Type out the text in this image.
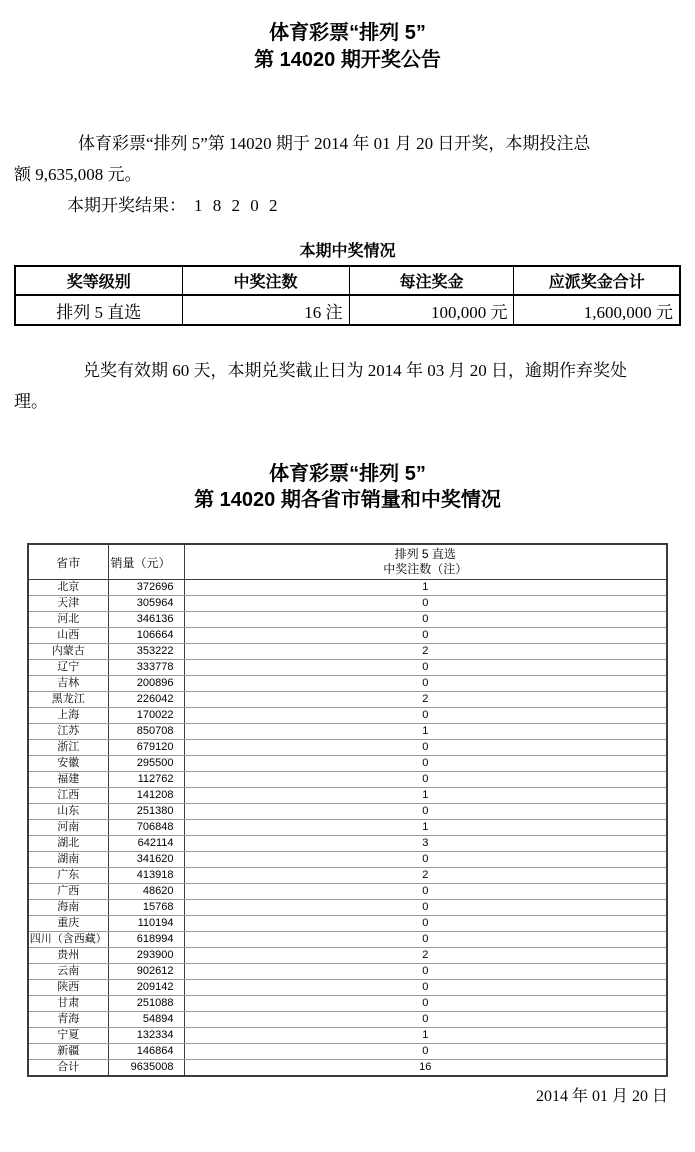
体育彩票“排列 5”
第 14020 期开奖公告
体育彩票“排列 5”第 14020 期于 2014 年 01 月 20 日开奖，本期投注总
额 9,635,008 元。
本期开奖结果： 1 8 2 0 2
本期中奖情况
奖等级别	中奖注数	每注奖金	应派奖金合计
排列 5 直选	16 注	100,000 元	1,600,000 元
兑奖有效期 60 天，本期兑奖截止日为 2014 年 03 月 20 日，逾期作弃奖处
理。
体育彩票“排列 5”
第 14020 期各省市销量和中奖情况
省市	销量（元）	排列 5 直选
中奖注数（注）

北京	372696	1
天津	305964	0
河北	346136	0
山西	106664	0
内蒙古	353222	2
辽宁	333778	0
吉林	200896	0
黑龙江	226042	2
上海	170022	0
江苏	850708	1
浙江	679120	0
安徽	295500	0
福建	112762	0
江西	141208	1
山东	251380	0
河南	706848	1
湖北	642114	3
湖南	341620	0
广东	413918	2
广西	48620	0
海南	15768	0
重庆	110194	0
四川（含西藏）	618994	0
贵州	293900	2
云南	902612	0
陕西	209142	0
甘肃	251088	0
青海	54894	0
宁夏	132334	1
新疆	146864	0
合计	9635008	16
2014 年 01 月 20 日
